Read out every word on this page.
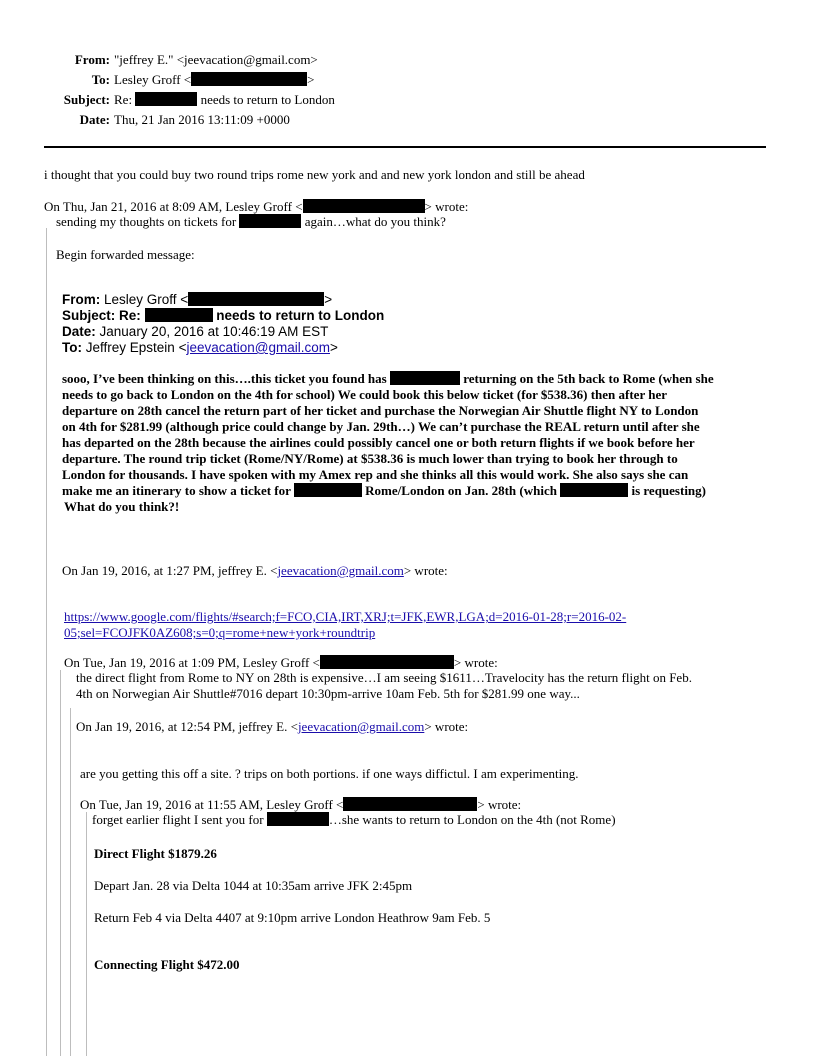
From: "jeffrey E." <jeevacation@gmail.com>
To: Lesley Groff <	>
Subject: Re:	needs to return to London
Date: Thu, 21 Jan 2016 13:11:09 +0000
i thought that you could buy two round trips rome new york and and new york london and still be ahead
On Thu, Jan 21, 2016 at 8:09 AM, Lesley Groff <	> wrote:
sending my thoughts on tickets for	again…what do you think?
Begin forwarded message:
From: Lesley Groff <	>
Subject: Re:	needs to return to London
Date: January 20, 2016 at 10:46:19 AM EST
To: Jeffrey Epstein <jeevacation@gmail.com>
sooo, I’ve been thinking on this….this ticket you found has	returning on the 5th back to Rome (when she
needs to go back to London on the 4th for school) We could book this below ticket (for $538.36) then after her
departure on 28th cancel the return part of her ticket and purchase the Norwegian Air Shuttle flight NY to London
on 4th for $281.99 (although price could change by Jan. 29th…) We can’t purchase the REAL return until after she
has departed on the 28th because the airlines could possibly cancel one or both return flights if we book before her
departure. The round trip ticket (Rome/NY/Rome) at $538.36 is much lower than trying to book her through to
London for thousands. I have spoken with my Amex rep and she thinks all this would work. She also says she can
make me an itinerary to show a ticket for	Rome/London on Jan. 28th (which	is requesting)
What do you think?!
On Jan 19, 2016, at 1:27 PM, jeffrey E. <jeevacation@gmail.com> wrote:
https://www.google.com/flights/#search;f=FCO,CIA,IRT,XRJ;t=JFK,EWR,LGA;d=2016-01-28;r=2016-02-
05;sel=FCOJFK0AZ608;s=0;q=rome+new+york+roundtrip
On Tue, Jan 19, 2016 at 1:09 PM, Lesley Groff <	> wrote:
the direct flight from Rome to NY on 28th is expensive…I am seeing $1611…Travelocity has the return flight on Feb.
4th on Norwegian Air Shuttle#7016 depart 10:30pm-arrive 10am Feb. 5th for $281.99 one way...
On Jan 19, 2016, at 12:54 PM, jeffrey E. <jeevacation@gmail.com> wrote:
are you getting this off a site. ? trips on both portions. if one ways diffictul. I am experimenting.
On Tue, Jan 19, 2016 at 11:55 AM, Lesley Groff <	> wrote:
forget earlier flight I sent you for	…she wants to return to London on the 4th (not Rome)
Direct Flight $1879.26
Depart Jan. 28 via Delta 1044 at 10:35am arrive JFK 2:45pm
Return Feb 4 via Delta 4407 at 9:10pm arrive London Heathrow 9am Feb. 5
Connecting Flight $472.00
